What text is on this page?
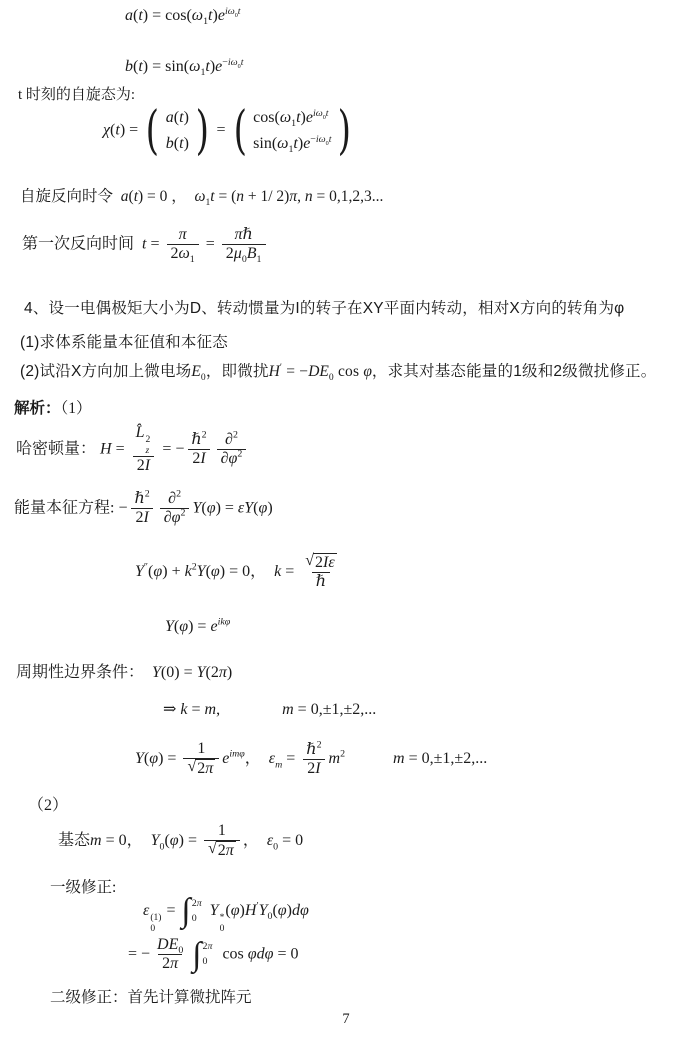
$a(t) = \cos(\omega_1t)e^{i\omega_0t}$
$b(t) = \sin(\omega_1t)e^{-i\omega_0t}$
t 时刻的自旋态为:
χ(t) = ( a(t)
b(t) ) = ( $\cos(\omega_1t)e^{i\omega_0t}$
$\sin(\omega_1t)e^{-i\omega_0t}$ )
自旋反向时令  a(t) = 0 ，  $\omega_1t = (n + 1/$ 2)π, n = 0,1,2,3...
第一次反向时间  $t = \frac{\pi}{2\omega_1}$ =
πℏ
$2\mu_0B_1$
4、设一电偶极矩大小为D、转动惯量为I的转子在XY平面内转动，相对X方向的转角为φ
(1)求体系能量本征值和本征态
(2)试沿X方向加上微电场$E_0$，即微扰$H' = -DE_0$ cos φ，求其对基态能量的1级和2级微扰修正。
解析：（1）
哈密顿量： H = L̂ 2
z
2I = −
ℏ$^2$
$2I \frac{\partial^2}{\partial\varphi^2}$
能量本征方程: −
ℏ$^2$
$2I \frac{\partial^2}{\partial\varphi^2} Y(\varphi) = \varepsilon Y(\varphi)$
$Y''(\varphi) + k^2Y(\varphi) = 0$，  k =
√ 2Iε
ℏ
$Y(\varphi) = e^{ik\varphi}$
周期性边界条件：  Y(0) = Y(2π)
⇒ k = m,	m = 0,±1,±2,...
$Y(\varphi) = \frac{1}{√ 2\pi} e^{im\varphi}$，  $\varepsilon_m$ =
ℏ$^2$
2I
$m^2$	m = 0,±1,±2,...
（2）
基态m = 0，  $Y_0(\varphi) = \frac{1}{√ 2\pi}$ ，  $\varepsilon_0 = 0$
一级修正:
ε (1)
0
= ∫ 2π
0 Y *
0
$(\varphi)H'Y_0(\varphi)d\varphi$
= − $\frac{DE_0}{2\pi}$ ∫ 2π
0 cos φdφ = 0
二级修正：首先计算微扰阵元
7
